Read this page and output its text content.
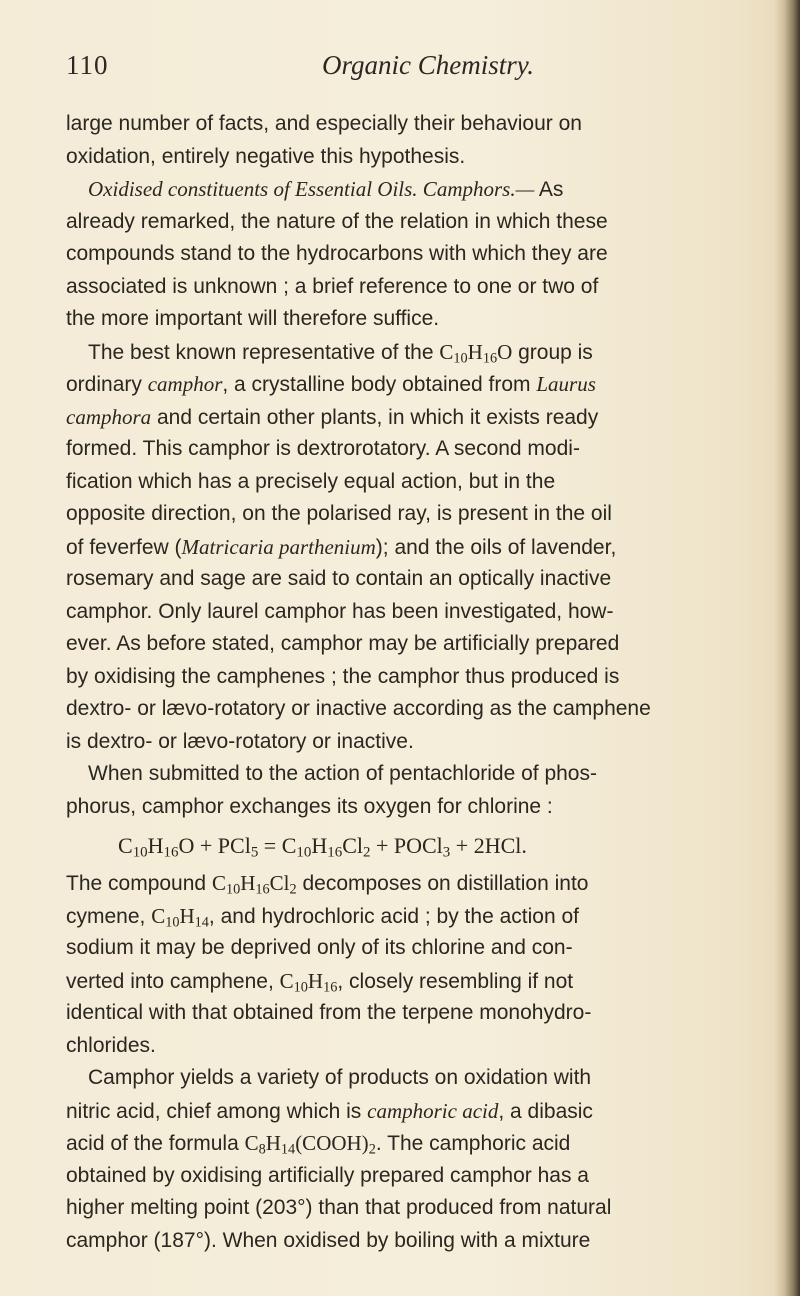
110	Organic Chemistry.
large number of facts, and especially their behaviour on
oxidation, entirely negative this hypothesis.
Oxidised constituents of Essential Oils. Camphors.— As
already remarked, the nature of the relation in which these
compounds stand to the hydrocarbons with which they are
associated is unknown ; a brief reference to one or two of
the more important will therefore suffice.
The best known representative of the $C_{10}H_{16}O$ group is
ordinary camphor, a crystalline body obtained from Laurus
camphora and certain other plants, in which it exists ready
formed. This camphor is dextrorotatory. A second modi-
fication which has a precisely equal action, but in the
opposite direction, on the polarised ray, is present in the oil
of feverfew (Matricaria parthenium); and the oils of lavender,
rosemary and sage are said to contain an optically inactive
camphor. Only laurel camphor has been investigated, how-
ever. As before stated, camphor may be artificially prepared
by oxidising the camphenes ; the camphor thus produced is
dextro- or lævo-rotatory or inactive according as the camphene
is dextro- or lævo-rotatory or inactive.
When submitted to the action of pentachloride of phos-
phorus, camphor exchanges its oxygen for chlorine :
$C_{10}H_{16}O + PCl_5 = C_{10}H_{16}Cl_2$ + POCl$_3$ + 2HCl.
The compound $C_{10}H_{16}Cl_2$ decomposes on distillation into
cymene, $C_{10}H_{14}$, and hydrochloric acid ; by the action of
sodium it may be deprived only of its chlorine and con-
verted into camphene, $C_{10}H_{16}$, closely resembling if not
identical with that obtained from the terpene monohydro-
chlorides.
Camphor yields a variety of products on oxidation with
nitric acid, chief among which is camphoric acid, a dibasic
acid of the formula $C_8H_{14}(COOH)_2$. The camphoric acid
obtained by oxidising artificially prepared camphor has a
higher melting point (203°) than that produced from natural
camphor (187°). When oxidised by boiling with a mixture
